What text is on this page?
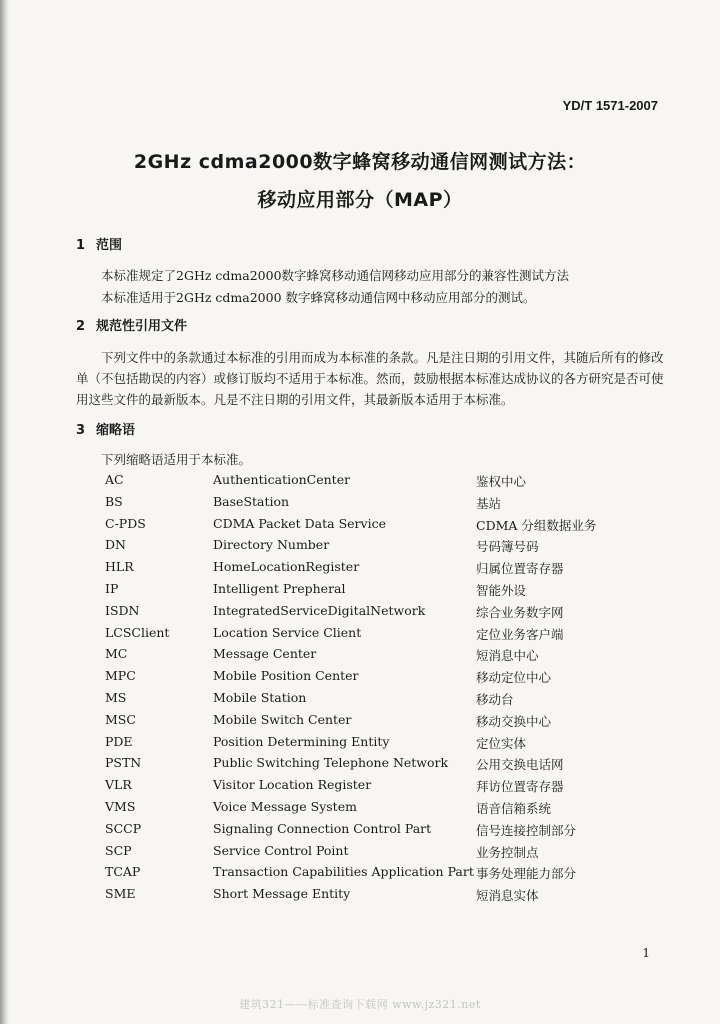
YD/T 1571-2007
2GHz cdma2000数字蜂窝移动通信网测试方法：
移动应用部分（MAP）
1 范围
本标准规定了2GHz cdma2000数字蜂窝移动通信网移动应用部分的兼容性测试方法
本标准适用于2GHz cdma2000 数字蜂窝移动通信网中移动应用部分的测试。
2 规范性引用文件

下列文件中的条款通过本标准的引用而成为本标准的条款。凡是注日期的引用文件，其随后所有的修改单（不包括勘误的内容）或修订版均不适用于本标准。然而，鼓励根据本标准达成协议的各方研究是否可使用这些文件的最新版本。凡是不注日期的引用文件，其最新版本适用于本标准。

3 缩略语
下列缩略语适用于本标准。
AC	AuthenticationCenter	鉴权中心
BS	BaseStation	基站
C-PDS	CDMA Packet Data Service	CDMA 分组数据业务
DN	Directory Number	号码簿号码
HLR	HomeLocationRegister	归属位置寄存器
IP	Intelligent Prepheral	智能外设
ISDN	IntegratedServiceDigitalNetwork	综合业务数字网
LCSClient	Location Service Client	定位业务客户端
MC	Message Center	短消息中心
MPC	Mobile Position Center	移动定位中心
MS	Mobile Station	移动台
MSC	Mobile Switch Center	移动交换中心
PDE	Position Determining Entity	定位实体
PSTN	Public Switching Telephone Network 公用交换电话网
VLR	Visitor Location Register	拜访位置寄存器
VMS	Voice Message System	语音信箱系统
SCCP	Signaling Connection Control Part	信号连接控制部分
SCP	Service Control Point	业务控制点
TCAP	Transaction Capabilities Application Part 事务处理能力部分
SME	Short Message Entity	短消息实体
1
建筑321——标准查询下载网 www.jz321.net
